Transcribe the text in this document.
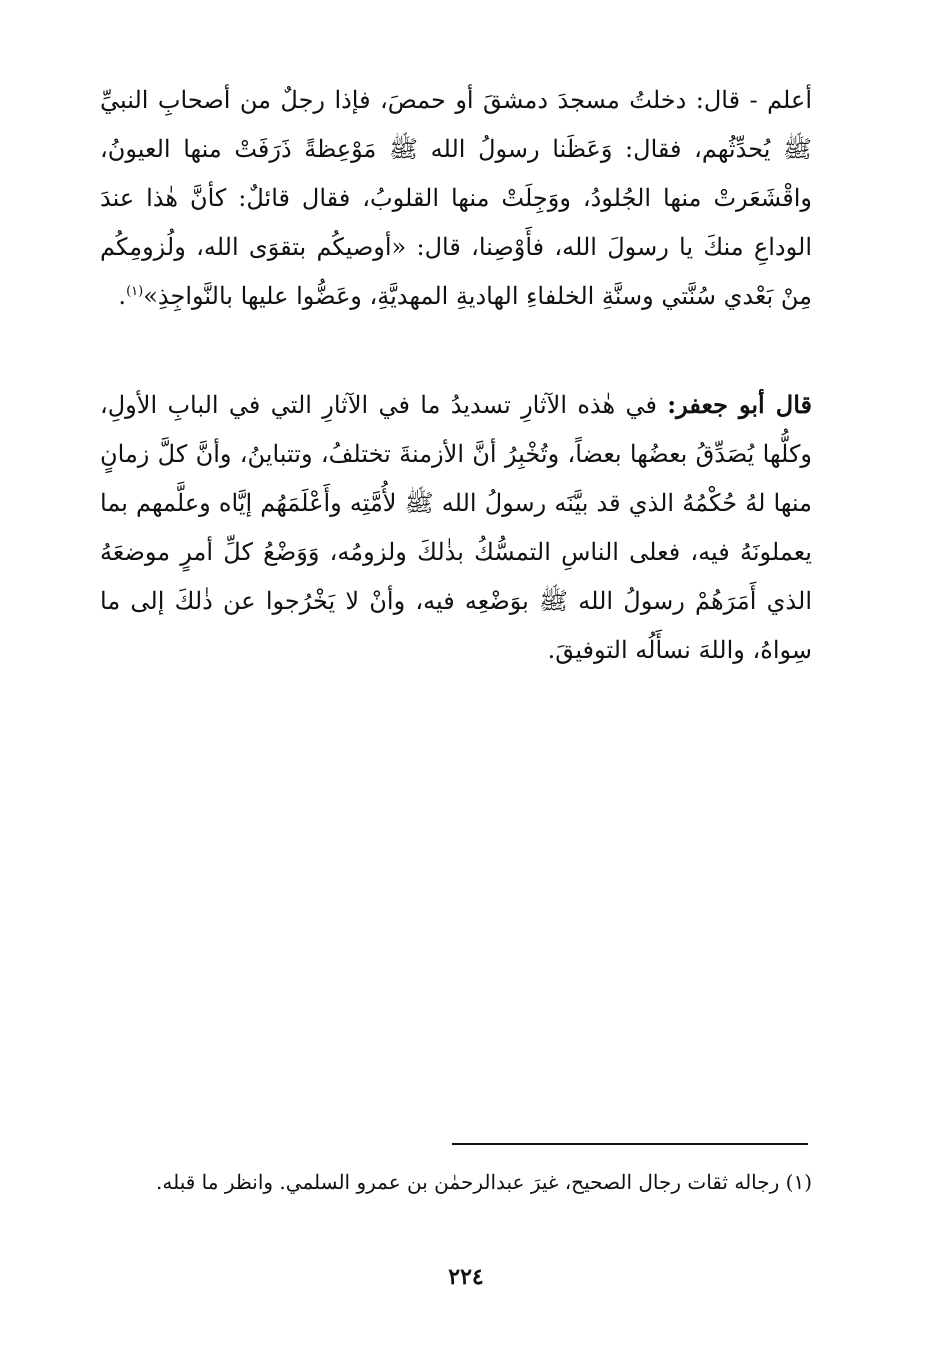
أعلم - قال: دخلتُ مسجدَ دمشقَ أو حمصَ، فإذا رجلٌ من أصحابِ النبيِّ ﷺ يُحدِّثُهم، فقال: وَعَظَنا رسولُ الله ﷺ مَوْعِظةً ذَرَفَتْ منها العيونُ، واقْشَعَرتْ منها الجُلودُ، ووَجِلَتْ منها القلوبُ، فقال قائلٌ: كأنَّ هٰذا عندَ الوداعِ منكَ يا رسولَ الله، فأَوْصِنا، قال: «أوصيكُم بتقوَى الله، ولُزومِكُم مِنْ بَعْدي سُنَّتي وسنَّةِ الخلفاءِ الهاديةِ المهديَّةِ، وعَضُّوا عليها بالنَّواجِذِ»$^{(١)}$.

قال أبو جعفر: في هٰذه الآثارِ تسديدُ ما في الآثارِ التي في البابِ الأولِ، وكلُّها يُصَدِّقُ بعضُها بعضاً، وتُخْبِرُ أنَّ الأزمنةَ تختلفُ، وتتباينُ، وأنَّ كلَّ زمانٍ منها لهُ حُكْمُهُ الذي قد بيَّنَه رسولُ الله ﷺ لأُمَّتِه وأَعْلَمَهُم إيَّاه وعلَّمهم بما يعملونَهُ فيه، فعلى الناسِ التمسُّكُ بذٰلكَ ولزومُه، وَوَضْعُ كلِّ أمرٍ موضعَهُ الذي أَمَرَهُمْ رسولُ الله ﷺ بوَضْعِه فيه، وأنْ لا يَخْرُجوا عن ذٰلكَ إلى ما سِواهُ، واللهَ نسأَلُه التوفيقَ.

(١) رجاله ثقات رجال الصحيح، غيرَ عبدالرحمٰن بن عمرو السلمي. وانظر ما قبله.

٢٢٤
